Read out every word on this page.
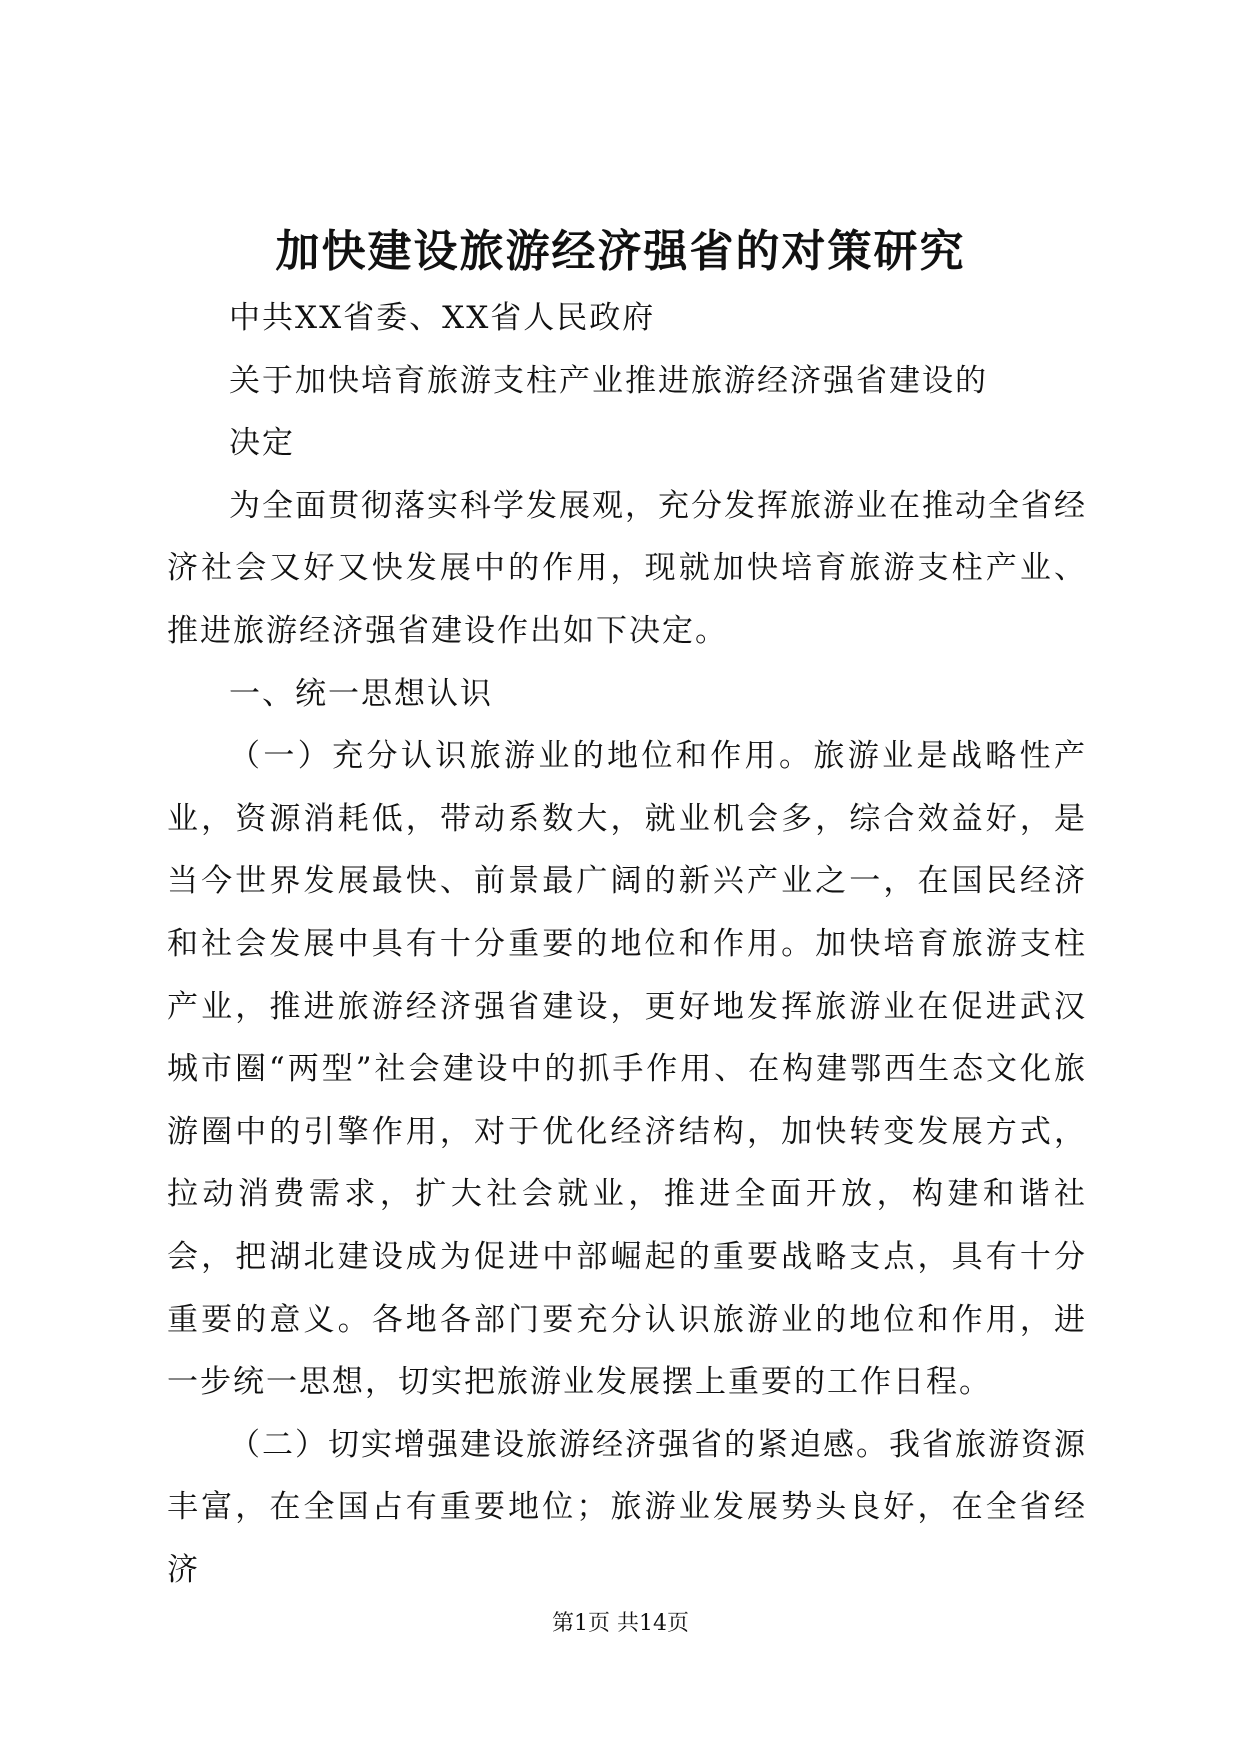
加快建设旅游经济强省的对策研究

中共XX省委、XX省人民政府

关于加快培育旅游支柱产业推进旅游经济强省建设的

决定

为全面贯彻落实科学发展观，充分发挥旅游业在推动全省经济社会又好又快发展中的作用，现就加快培育旅游支柱产业、推进旅游经济强省建设作出如下决定。

一、统一思想认识

（一）充分认识旅游业的地位和作用。旅游业是战略性产业，资源消耗低，带动系数大，就业机会多，综合效益好，是当今世界发展最快、前景最广阔的新兴产业之一，在国民经济和社会发展中具有十分重要的地位和作用。加快培育旅游支柱产业，推进旅游经济强省建设，更好地发挥旅游业在促进武汉城市圈“两型”社会建设中的抓手作用、在构建鄂西生态文化旅游圈中的引擎作用，对于优化经济结构，加快转变发展方式，拉动消费需求，扩大社会就业，推进全面开放，构建和谐社会，把湖北建设成为促进中部崛起的重要战略支点，具有十分重要的意义。各地各部门要充分认识旅游业的地位和作用，进一步统一思想，切实把旅游业发展摆上重要的工作日程。

（二）切实增强建设旅游经济强省的紧迫感。我省旅游资源丰富，在全国占有重要地位；旅游业发展势头良好，在全省经济

第1页 共14页
